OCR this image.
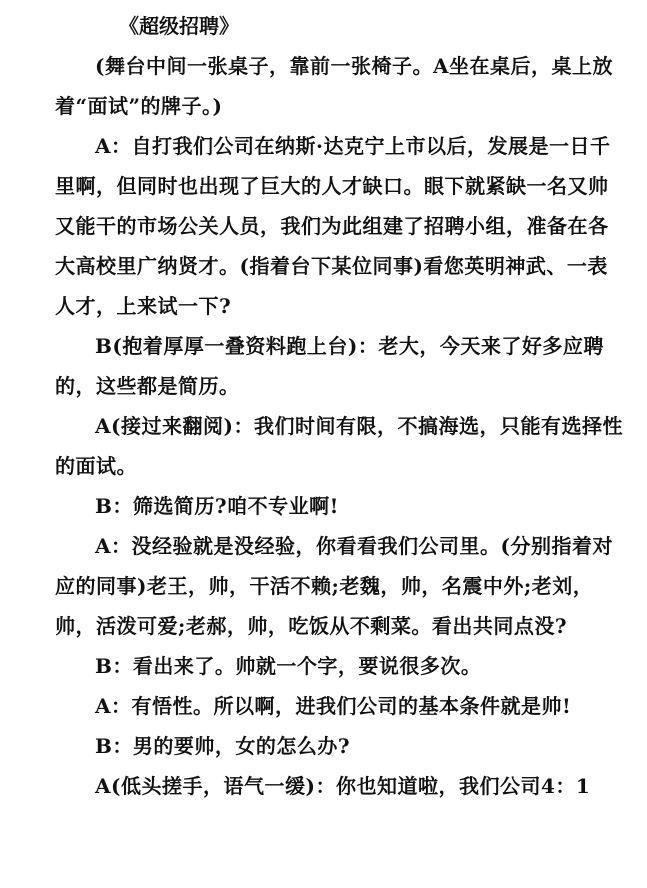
《超级招聘》

(舞台中间一张桌子，靠前一张椅子。A坐在桌后，桌上放着“面试”的牌子。)

A：自打我们公司在纳斯·达克宁上市以后，发展是一日千里啊，但同时也出现了巨大的人才缺口。眼下就紧缺一名又帅又能干的市场公关人员，我们为此组建了招聘小组，准备在各大高校里广纳贤才。(指着台下某位同事)看您英明神武、一表人才，上来试一下?

B(抱着厚厚一叠资料跑上台)：老大，今天来了好多应聘的，这些都是简历。

A(接过来翻阅)：我们时间有限，不搞海选，只能有选择性的面试。

B：筛选简历?咱不专业啊!

A：没经验就是没经验，你看看我们公司里。(分别指着对应的同事)老王，帅，干活不赖;老魏，帅，名震中外;老刘，帅，活泼可爱;老郝，帅，吃饭从不剩菜。看出共同点没?

B：看出来了。帅就一个字，要说很多次。

A：有悟性。所以啊，进我们公司的基本条件就是帅!

B：男的要帅，女的怎么办?

A(低头搓手，语气一缓)：你也知道啦，我们公司4：1
